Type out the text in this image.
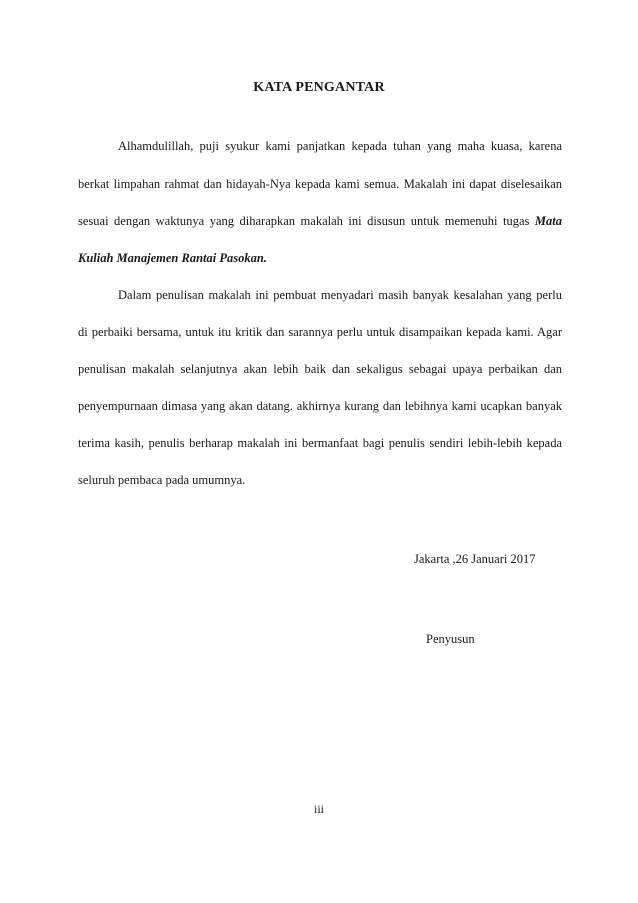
KATA PENGANTAR
Alhamdulillah, puji syukur kami panjatkan kepada tuhan yang maha kuasa, karena
berkat limpahan rahmat dan hidayah-Nya kepada kami semua. Makalah ini dapat diselesaikan
sesuai dengan waktunya yang diharapkan makalah ini disusun untuk memenuhi tugas Mata
Kuliah Manajemen Rantai Pasokan.
Dalam penulisan makalah ini pembuat menyadari masih banyak kesalahan yang perlu
di perbaiki bersama, untuk itu kritik dan sarannya perlu untuk disampaikan kepada kami. Agar
penulisan makalah selanjutnya akan lebih baik dan sekaligus sebagai upaya perbaikan dan
penyempurnaan dimasa yang akan datang. akhirnya kurang dan lebihnya kami ucapkan banyak
terima kasih, penulis berharap makalah ini bermanfaat bagi penulis sendiri lebih-lebih kepada
seluruh pembaca pada umumnya.
Jakarta ,26 Januari 2017
Penyusun
iii
